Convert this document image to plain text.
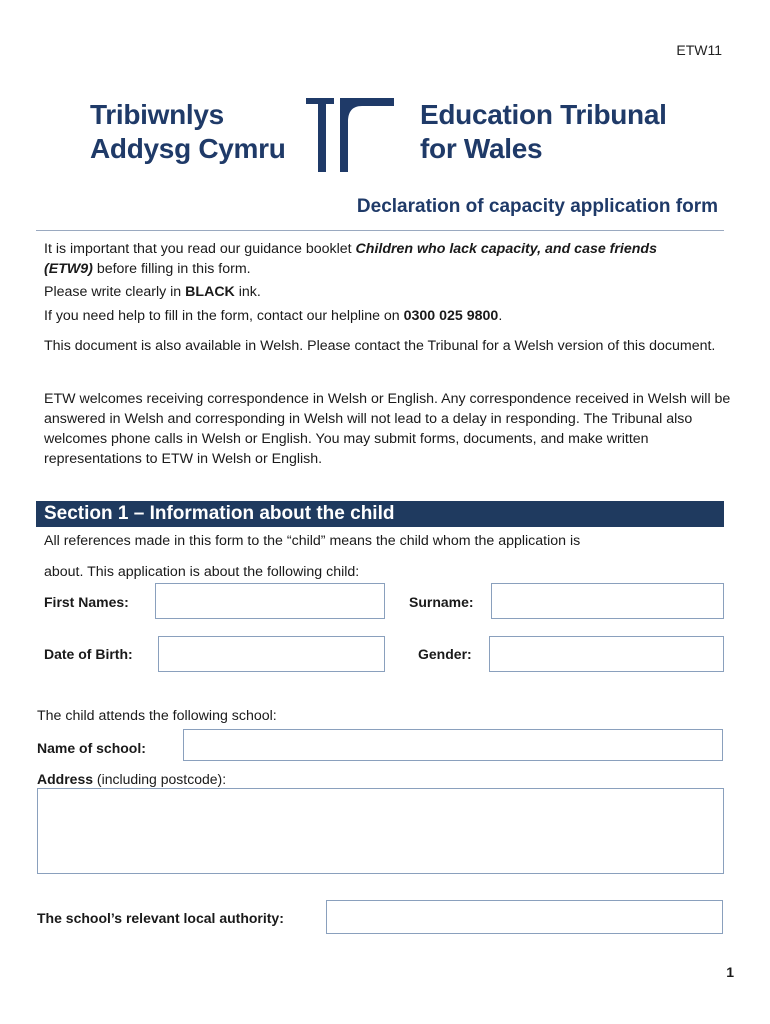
ETW11
Tribiwnlys
Addysg Cymru
Education Tribunal
for Wales
Declaration of capacity application form
It is important that you read our guidance booklet Children who lack capacity, and case friends
(ETW9) before filling in this form.
Please write clearly in BLACK ink.
If you need help to fill in the form, contact our helpline on 0300 025 9800.
This document is also available in Welsh. Please contact the Tribunal for a Welsh version of this document.
ETW welcomes receiving correspondence in Welsh or English. Any correspondence received in Welsh will be answered in Welsh and corresponding in Welsh will not lead to a delay in responding. The Tribunal also welcomes phone calls in Welsh or English. You may submit forms, documents, and make written representations to ETW in Welsh or English.
Section 1 – Information about the child
All references made in this form to the “child” means the child whom the application is
about. This application is about the following child:
First Names:	Surname:
Date of Birth:	Gender:
The child attends the following school:
Name of school:
Address (including postcode):
The school’s relevant local authority:
1
